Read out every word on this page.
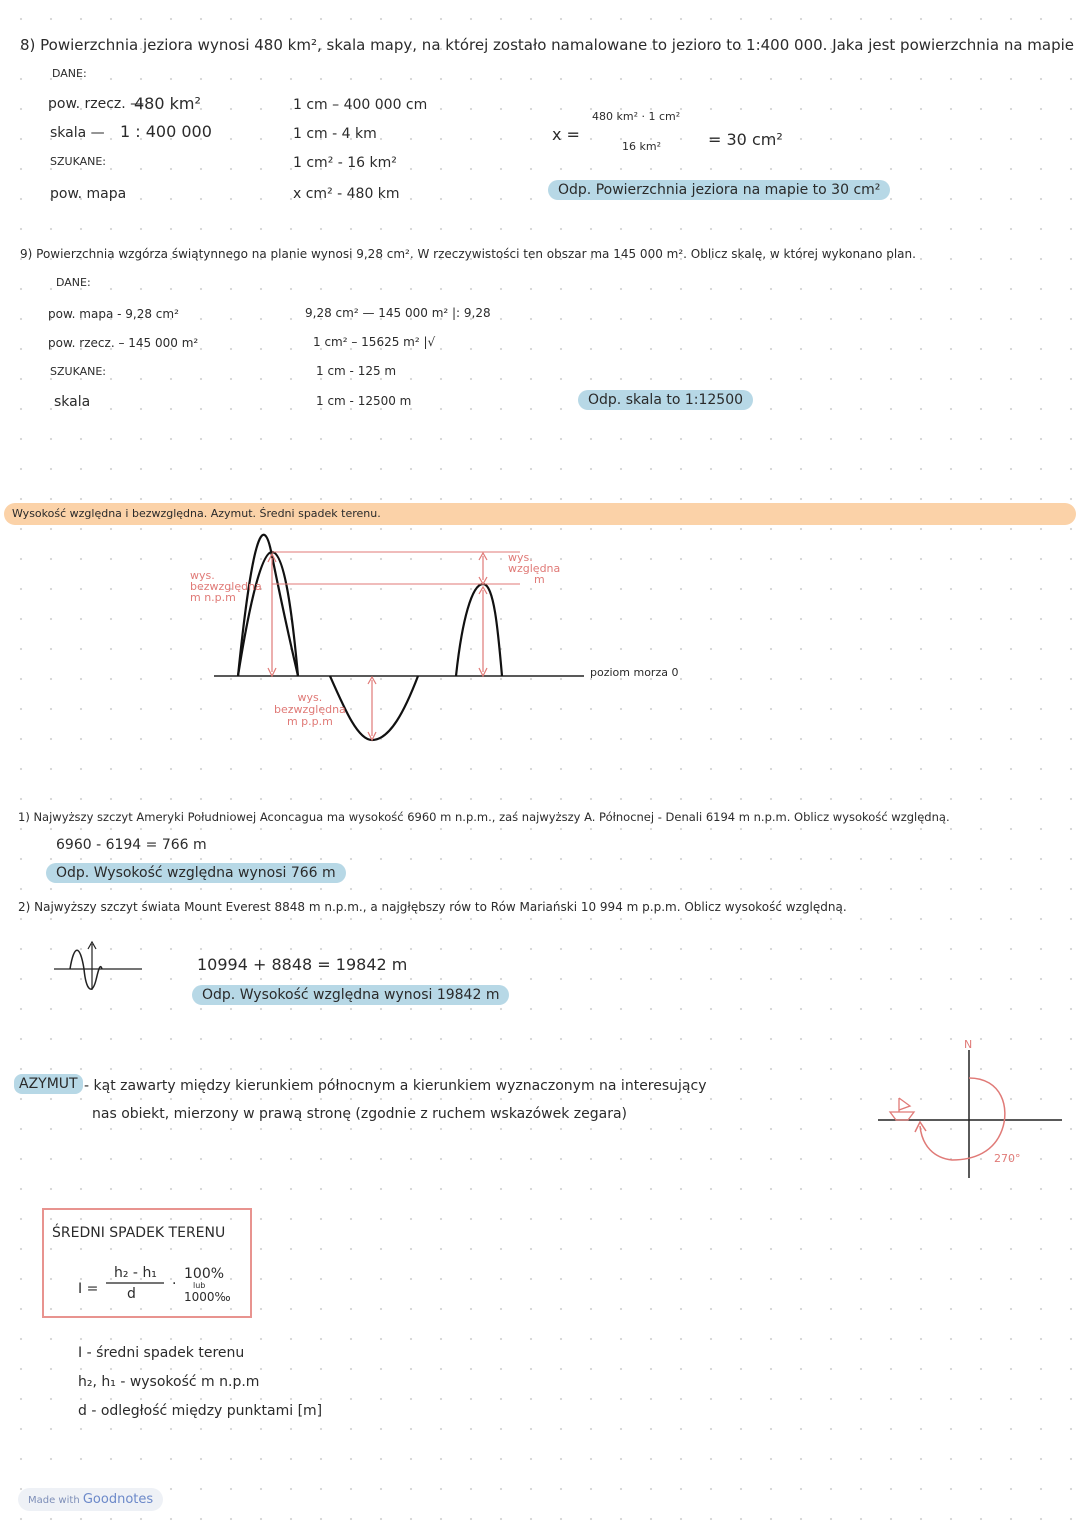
8) Powierzchnia jeziora wynosi 480 km², skala mapy, na której zostało namalowane to jezioro to 1:400 000. Jaka jest powierzchnia na mapie
DANE:
pow. rzecz. —
480 km²
skala — 1 : 400 000
SZUKANE:
pow. mapa
1 cm – 400 000 cm
1 cm - 4 km
1 cm² - 16 km²
x cm² - 480 km
x =
480 km² · 1 cm²
16 km²	= 30 cm²
Odp. Powierzchnia jeziora na mapie to 30 cm²
9) Powierzchnia wzgórza świątynnego na planie wynosi 9,28 cm². W rzeczywistości ten obszar ma 145 000 m². Oblicz skalę, w której wykonano plan.
DANE:
pow. mapa - 9,28 cm²
pow. rzecz. – 145 000 m²
SZUKANE:
skala
9,28 cm² — 145 000 m² |: 9,28
1 cm² – 15625 m² |√
1 cm - 125 m
1 cm - 12500 m	Odp. skala to 1:12500
Wysokość względna i bezwzględna. Azymut. Średni spadek terenu.
wys.
bezwzględna
m n.p.m
wys.
względna
m
wys.
bezwzględna
m p.p.m
poziom morza 0
1) Najwyższy szczyt Ameryki Południowej Aconcagua ma wysokość 6960 m n.p.m., zaś najwyższy A. Północnej - Denali 6194 m n.p.m. Oblicz wysokość względną.
6960 - 6194 = 766 m
Odp. Wysokość względna wynosi 766 m
2) Najwyższy szczyt świata Mount Everest 8848 m n.p.m., a najgłębszy rów to Rów Mariański 10 994 m p.p.m. Oblicz wysokość względną.
10994 + 8848 = 19842 m
Odp. Wysokość względna wynosi 19842 m
AZYMUT - kąt zawarty między kierunkiem północnym a kierunkiem wyznaczonym na interesujący
nas obiekt, mierzony w prawą stronę (zgodnie z ruchem wskazówek zegara)
N
270°
ŚREDNI SPADEK TERENU
I =
h₂ - h₁
d
·
100%
lub
1000‰
I - średni spadek terenu
h₂, h₁ - wysokość m n.p.m
d - odległość między punktami [m]
Made with Goodnotes
